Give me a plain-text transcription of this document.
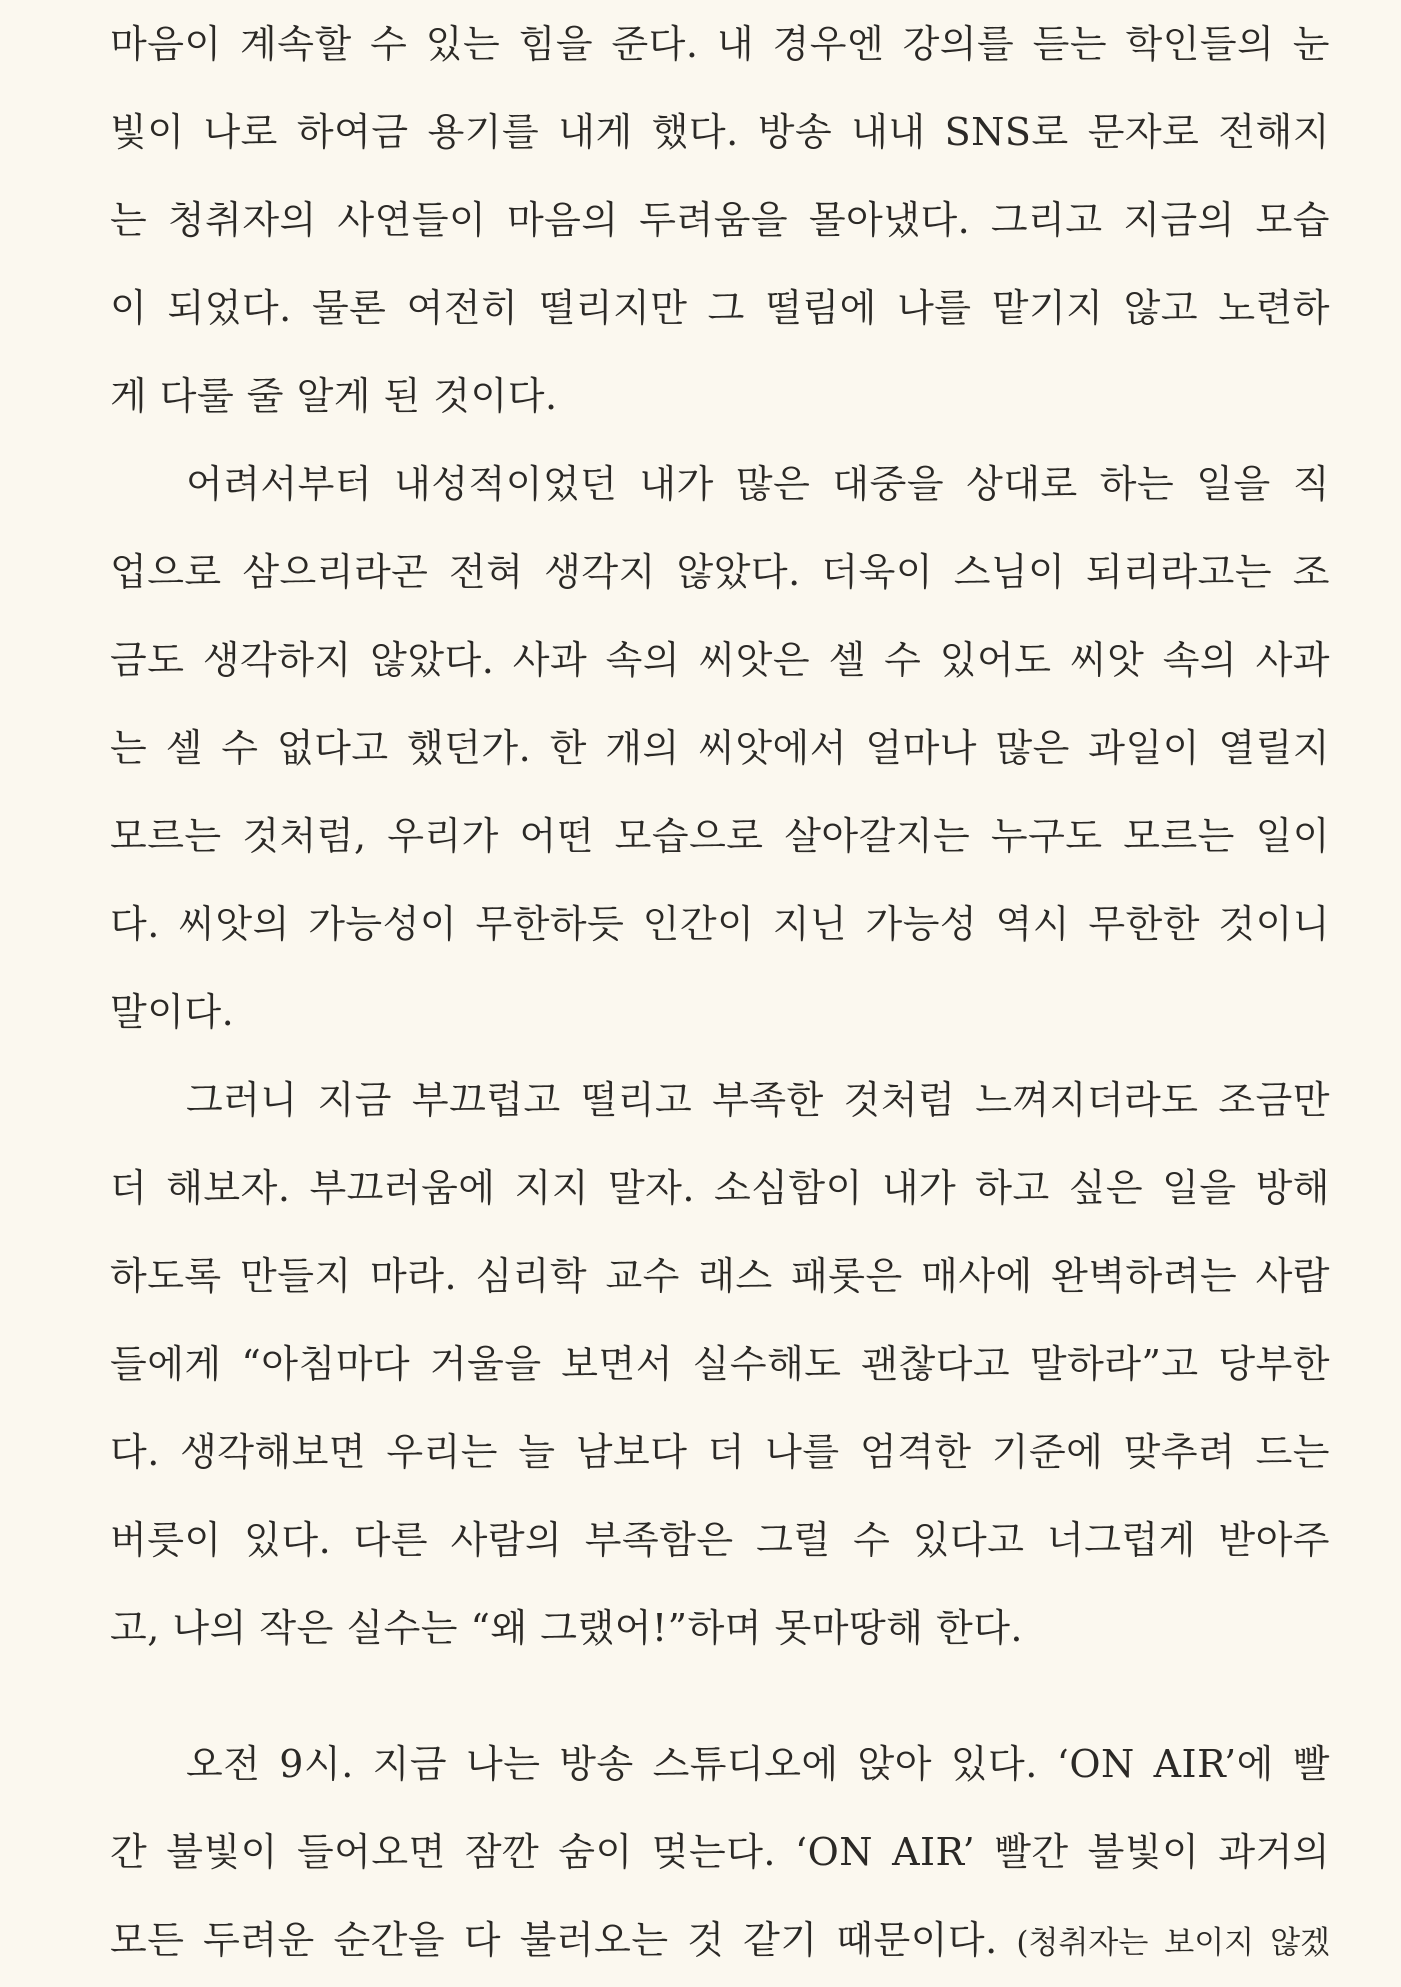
마음이 계속할 수 있는 힘을 준다. 내 경우엔 강의를 듣는 학인들의 눈
빛이 나로 하여금 용기를 내게 했다. 방송 내내 SNS로 문자로 전해지
는 청취자의 사연들이 마음의 두려움을 몰아냈다. 그리고 지금의 모습
이 되었다. 물론 여전히 떨리지만 그 떨림에 나를 맡기지 않고 노련하
게 다룰 줄 알게 된 것이다.
어려서부터 내성적이었던 내가 많은 대중을 상대로 하는 일을 직
업으로 삼으리라곤 전혀 생각지 않았다. 더욱이 스님이 되리라고는 조
금도 생각하지 않았다. 사과 속의 씨앗은 셀 수 있어도 씨앗 속의 사과
는 셀 수 없다고 했던가. 한 개의 씨앗에서 얼마나 많은 과일이 열릴지
모르는 것처럼, 우리가 어떤 모습으로 살아갈지는 누구도 모르는 일이
다. 씨앗의 가능성이 무한하듯 인간이 지닌 가능성 역시 무한한 것이니
말이다.
그러니 지금 부끄럽고 떨리고 부족한 것처럼 느껴지더라도 조금만
더 해보자. 부끄러움에 지지 말자. 소심함이 내가 하고 싶은 일을 방해
하도록 만들지 마라. 심리학 교수 래스 패롯은 매사에 완벽하려는 사람
들에게 “아침마다 거울을 보면서 실수해도 괜찮다고 말하라”고 당부한
다. 생각해보면 우리는 늘 남보다 더 나를 엄격한 기준에 맞추려 드는
버릇이 있다. 다른 사람의 부족함은 그럴 수 있다고 너그럽게 받아주
고, 나의 작은 실수는 “왜 그랬어!”하며 못마땅해 한다.
오전 9시. 지금 나는 방송 스튜디오에 앉아 있다. ‘ON AIR’에 빨
간 불빛이 들어오면 잠깐 숨이 멎는다. ‘ON AIR’ 빨간 불빛이 과거의
모든 두려운 순간을 다 불러오는 것 같기 때문이다. (청취자는 보이지 않겠
